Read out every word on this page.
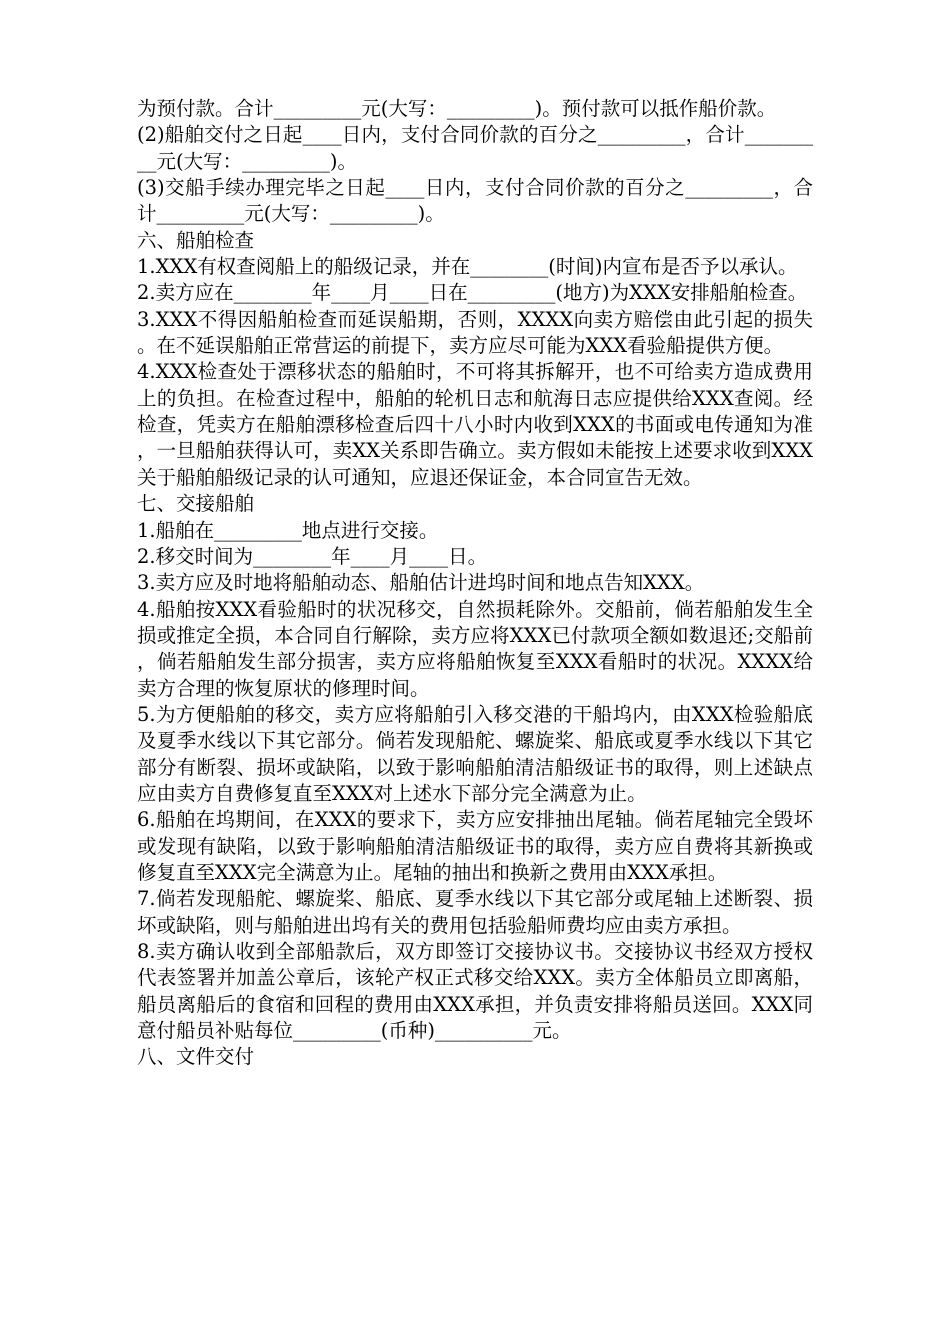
为预付款。合计_________元(大写：_________)。预付款可以抵作船价款。

(2)船舶交付之日起____日内，支付合同价款的百分之_________，合计_________元(大写：_________)。

(3)交船手续办理完毕之日起____日内，支付合同价款的百分之_________，合计_________元(大写：_________)。

六、船舶检查

1.XXX有权查阅船上的船级记录，并在________(时间)内宣布是否予以承认。

2.卖方应在________年____月____日在_________(地方)为XXX安排船舶检查。

3.XXX不得因船舶检查而延误船期，否则，XXXX向卖方赔偿由此引起的损失。在不延误船舶正常营运的前提下，卖方应尽可能为XXX看验船提供方便。

4.XXX检查处于漂移状态的船舶时，不可将其拆解开，也不可给卖方造成费用上的负担。在检查过程中，船舶的轮机日志和航海日志应提供给XXX查阅。经检查，凭卖方在船舶漂移检查后四十八小时内收到XXX的书面或电传通知为准，一旦船舶获得认可，卖XX关系即告确立。卖方假如未能按上述要求收到XXX关于船舶船级记录的认可通知，应退还保证金，本合同宣告无效。

七、交接船舶

1.船舶在_________地点进行交接。

2.移交时间为________年____月____日。

3.卖方应及时地将船舶动态、船舶估计进坞时间和地点告知XXX。

4.船舶按XXX看验船时的状况移交，自然损耗除外。交船前，倘若船舶发生全损或推定全损，本合同自行解除，卖方应将XXX已付款项全额如数退还;交船前，倘若船舶发生部分损害，卖方应将船舶恢复至XXX看船时的状况。XXXX给卖方合理的恢复原状的修理时间。

5.为方便船舶的移交，卖方应将船舶引入移交港的干船坞内，由XXX检验船底及夏季水线以下其它部分。倘若发现船舵、螺旋桨、船底或夏季水线以下其它部分有断裂、损坏或缺陷，以致于影响船舶清洁船级证书的取得，则上述缺点应由卖方自费修复直至XXX对上述水下部分完全满意为止。

6.船舶在坞期间，在XXX的要求下，卖方应安排抽出尾轴。倘若尾轴完全毁坏或发现有缺陷，以致于影响船舶清洁船级证书的取得，卖方应自费将其新换或修复直至XXX完全满意为止。尾轴的抽出和换新之费用由XXX承担。

7.倘若发现船舵、螺旋桨、船底、夏季水线以下其它部分或尾轴上述断裂、损坏或缺陷，则与船舶进出坞有关的费用包括验船师费均应由卖方承担。

8.卖方确认收到全部船款后，双方即签订交接协议书。交接协议书经双方授权代表签署并加盖公章后，该轮产权正式移交给XXX。卖方全体船员立即离船，船员离船后的食宿和回程的费用由XXX承担，并负责安排将船员送回。XXX同意付船员补贴每位_________(币种)__________元。

八、文件交付
